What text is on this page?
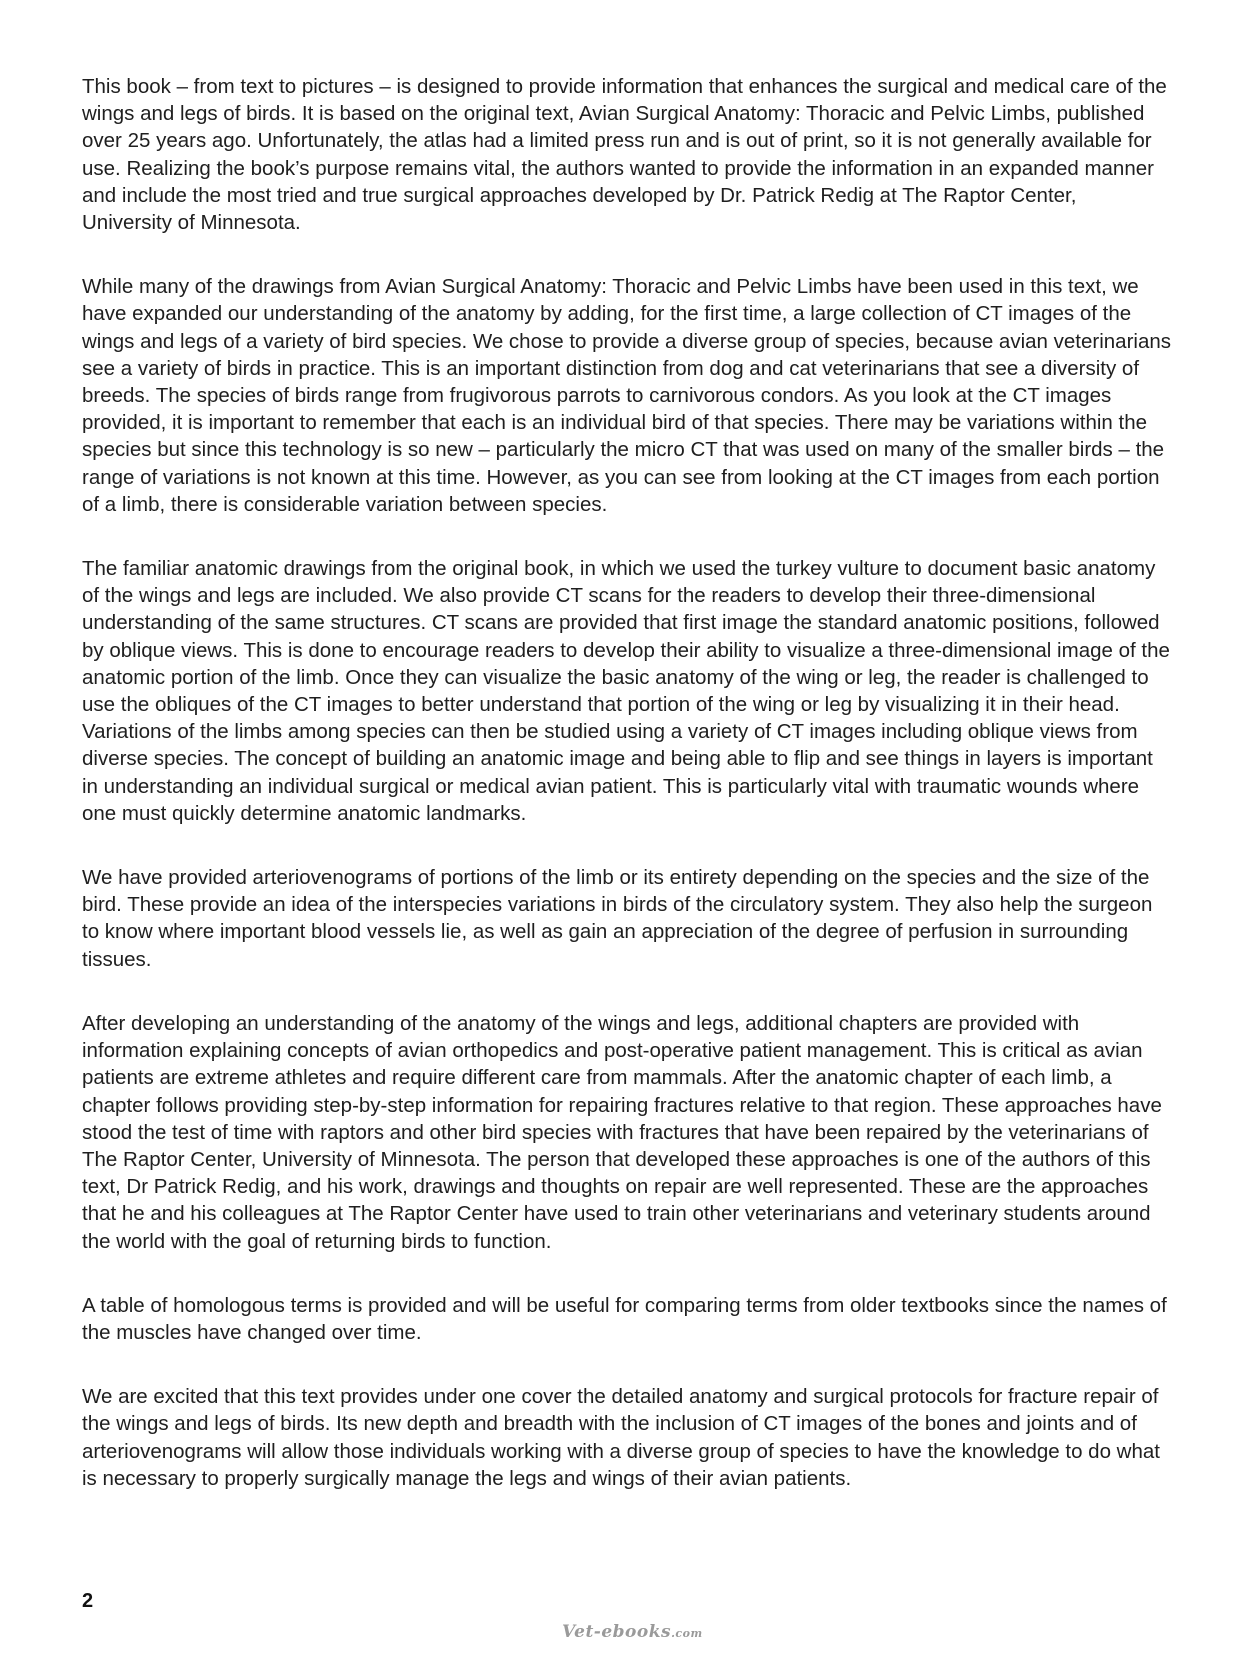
This book – from text to pictures – is designed to provide information that enhances the surgical and medical care of the wings and legs of birds. It is based on the original text, Avian Surgical Anatomy: Thoracic and Pelvic Limbs, published over 25 years ago. Unfortunately, the atlas had a limited press run and is out of print, so it is not generally available for use. Realizing the book’s purpose remains vital, the authors wanted to provide the information in an expanded manner and include the most tried and true surgical approaches developed by Dr. Patrick Redig at The Raptor Center, University of Minnesota.

While many of the drawings from Avian Surgical Anatomy: Thoracic and Pelvic Limbs have been used in this text, we have expanded our understanding of the anatomy by adding, for the first time, a large collection of CT images of the wings and legs of a variety of bird species. We chose to provide a diverse group of species, because avian veterinarians see a variety of birds in practice. This is an important distinction from dog and cat veterinarians that see a diversity of breeds. The species of birds range from frugivorous parrots to carnivorous condors. As you look at the CT images provided, it is important to remember that each is an individual bird of that species. There may be variations within the species but since this technology is so new – particularly the micro CT that was used on many of the smaller birds – the range of variations is not known at this time. However, as you can see from looking at the CT images from each portion of a limb, there is considerable variation between species.

The familiar anatomic drawings from the original book, in which we used the turkey vulture to document basic anatomy of the wings and legs are included. We also provide CT scans for the readers to develop their three-dimensional understanding of the same structures. CT scans are provided that first image the standard anatomic positions, followed by oblique views. This is done to encourage readers to develop their ability to visualize a three-dimensional image of the anatomic portion of the limb. Once they can visualize the basic anatomy of the wing or leg, the reader is challenged to use the obliques of the CT images to better understand that portion of the wing or leg by visualizing it in their head. Variations of the limbs among species can then be studied using a variety of CT images including oblique views from diverse species. The concept of building an anatomic image and being able to flip and see things in layers is important in understanding an individual surgical or medical avian patient. This is particularly vital with traumatic wounds where one must quickly determine anatomic landmarks.

We have provided arteriovenograms of portions of the limb or its entirety depending on the species and the size of the bird. These provide an idea of the interspecies variations in birds of the circulatory system. They also help the surgeon to know where important blood vessels lie, as well as gain an appreciation of the degree of perfusion in surrounding tissues.

After developing an understanding of the anatomy of the wings and legs, additional chapters are provided with information explaining concepts of avian orthopedics and post-operative patient management. This is critical as avian patients are extreme athletes and require different care from mammals. After the anatomic chapter of each limb, a chapter follows providing step-by-step information for repairing fractures relative to that region. These approaches have stood the test of time with raptors and other bird species with fractures that have been repaired by the veterinarians of The Raptor Center, University of Minnesota. The person that developed these approaches is one of the authors of this text, Dr Patrick Redig, and his work, drawings and thoughts on repair are well represented. These are the approaches that he and his colleagues at The Raptor Center have used to train other veterinarians and veterinary students around the world with the goal of returning birds to function.

A table of homologous terms is provided and will be useful for comparing terms from older textbooks since the names of the muscles have changed over time.

We are excited that this text provides under one cover the detailed anatomy and surgical protocols for fracture repair of the wings and legs of birds. Its new depth and breadth with the inclusion of CT images of the bones and joints and of arteriovenograms will allow those individuals working with a diverse group of species to have the knowledge to do what is necessary to properly surgically manage the legs and wings of their avian patients.

2
Vet-ebooks.com
